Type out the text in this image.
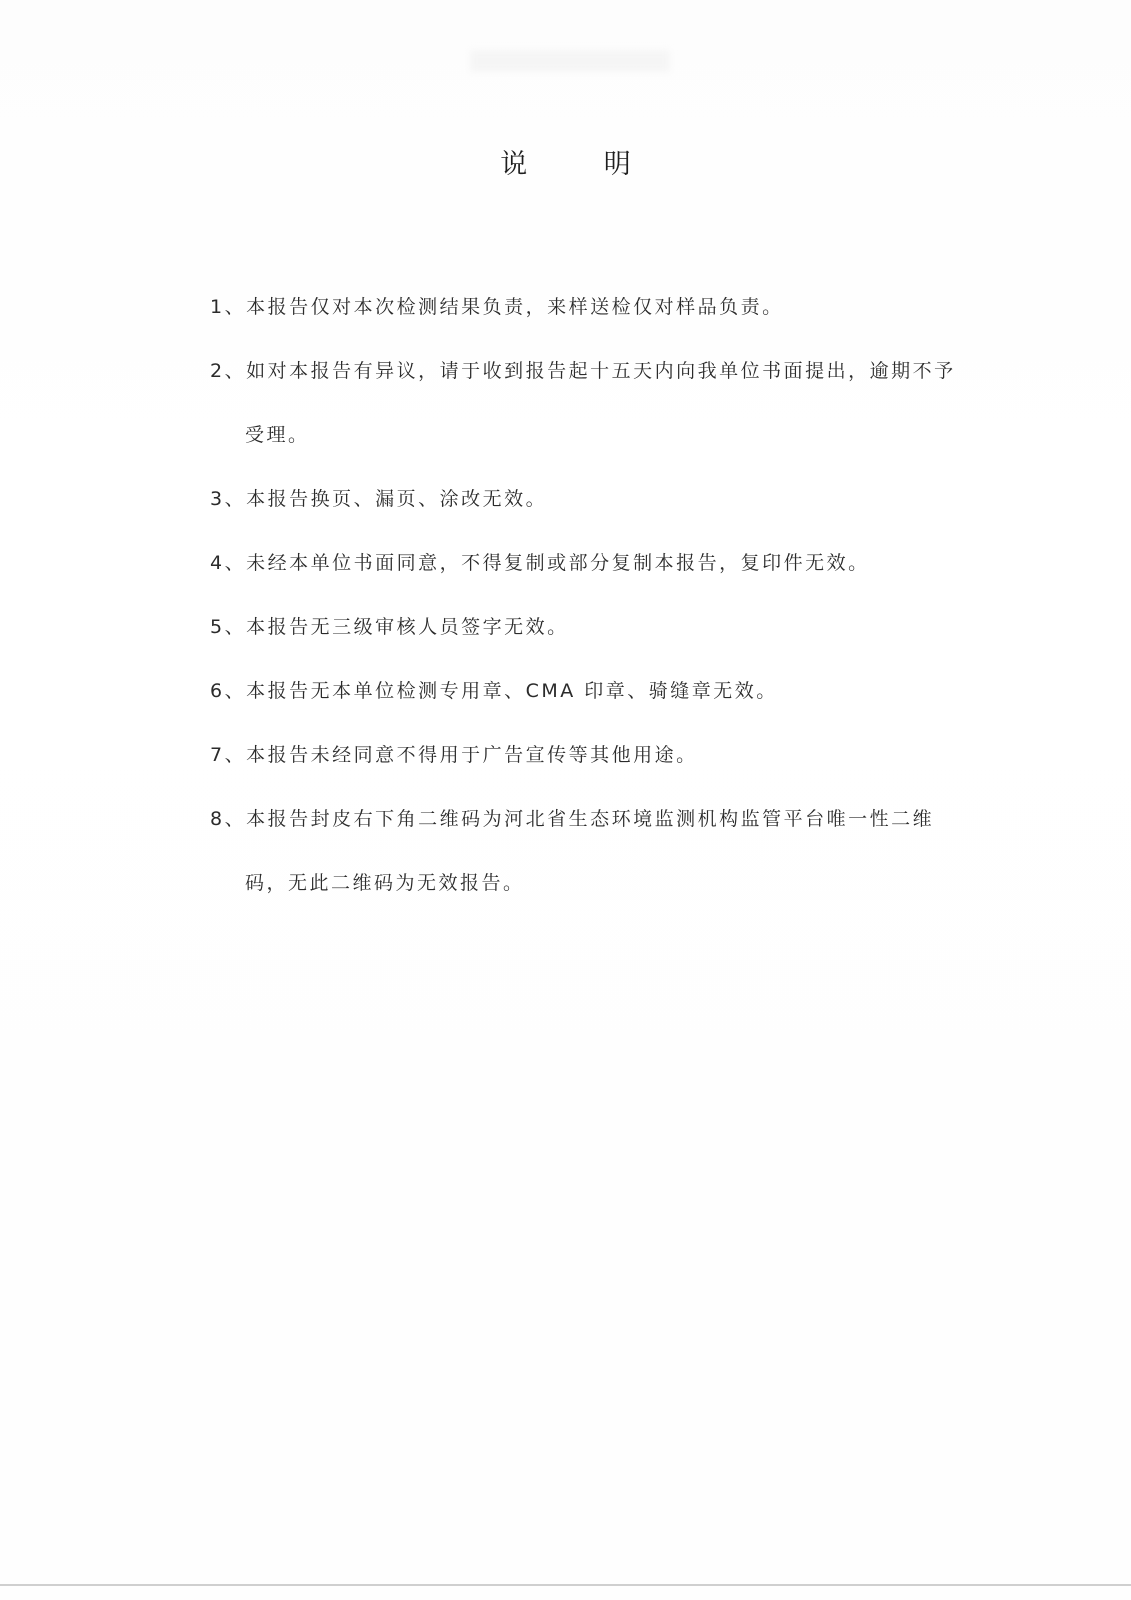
说 明
1、本报告仅对本次检测结果负责，来样送检仅对样品负责。
2、如对本报告有异议，请于收到报告起十五天内向我单位书面提出，逾期不予受理。
3、本报告换页、漏页、涂改无效。
4、未经本单位书面同意，不得复制或部分复制本报告，复印件无效。
5、本报告无三级审核人员签字无效。
6、本报告无本单位检测专用章、CMA 印章、骑缝章无效。
7、本报告未经同意不得用于广告宣传等其他用途。
8、本报告封皮右下角二维码为河北省生态环境监测机构监管平台唯一性二维码，无此二维码为无效报告。
